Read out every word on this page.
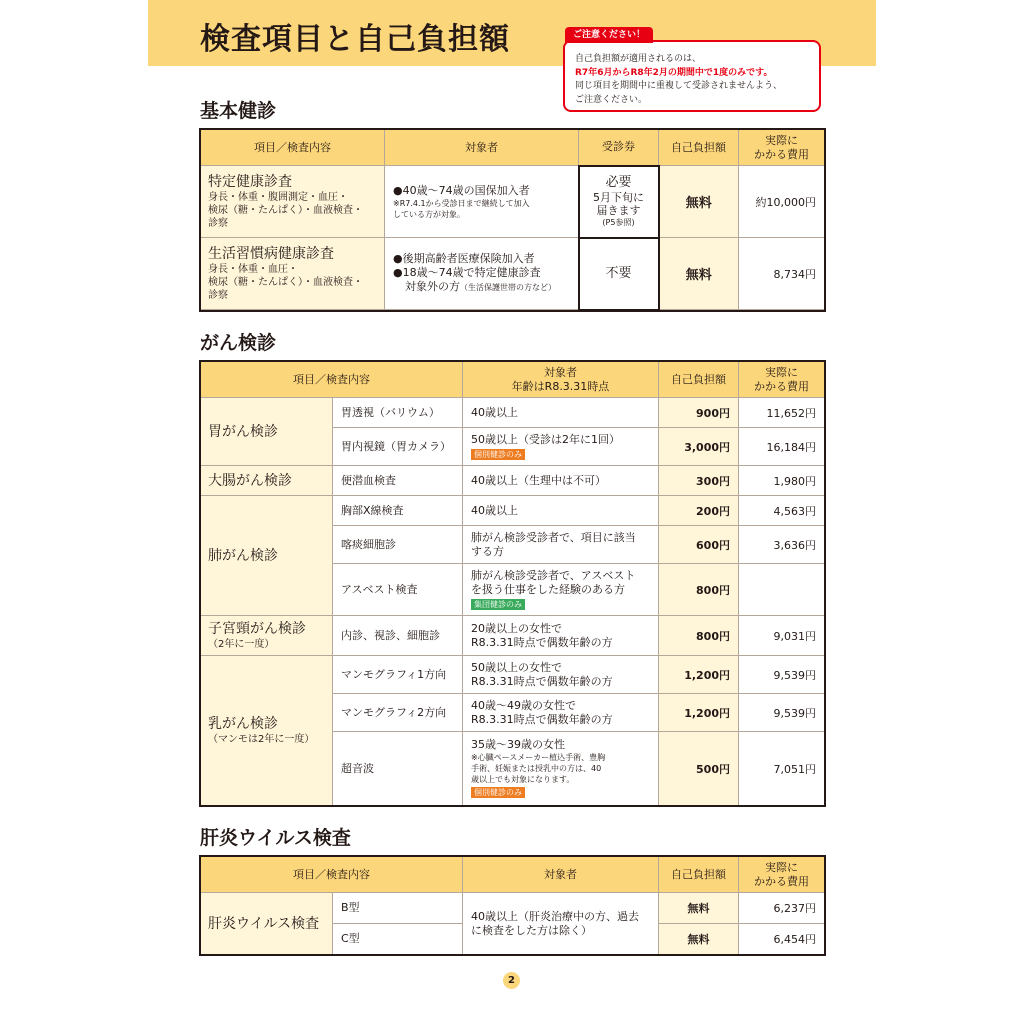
検査項目と自己負担額	ご注意ください！
自己負担額が適用されるのは、
R7年6月からR8年2月の期間中で1度のみです。
同じ項目を期間中に重複して受診されませんよう、
ご注意ください。
基本健診
項目／検査内容	対象者	受診券	自己負担額	実際に
かかる費用

特定健康診査
身長・体重・腹囲測定・血圧・
検尿（糖・たんぱく）・血液検査・
診察	●40歳～74歳の国保加入者
※R7.4.1から受診日まで継続して加入
している方が対象。	必要
5月下旬に
届きます
(P5参照)	無料	約10,000円

生活習慣病健康診査
身長・体重・血圧・
検尿（糖・たんぱく）・血液検査・
診察	●後期高齢者医療保険加入者
●18歳～74歳で特定健康診査
対象外の方（生活保護世帯の方など）	不要	無料	8,734円
がん検診
項目／検査内容		対象者
年齢はR8.3.31時点	自己負担額	実際に
かかる費用

胃がん検診	胃透視（バリウム）	40歳以上	900円	11,652円
	胃内視鏡（胃カメラ）	50歳以上（受診は2年に1回）
個別健診のみ	3,000円	16,184円

大腸がん検診	便潜血検査	40歳以上（生理中は不可）	300円	1,980円

肺がん検診	胸部X線検査	40歳以上	200円	4,563円
	喀痰細胞診	肺がん検診受診者で、項目に該当
する方	600円	3,636円
	アスベスト検査	肺がん検診受診者で、アスベスト
を扱う仕事をした経験のある方
集団健診のみ	800円	

子宮頸がん検診
（2年に一度）	内診、視診、細胞診	20歳以上の女性で
R8.3.31時点で偶数年齢の方	800円	9,031円

乳がん検診
（マンモは2年に一度）	マンモグラフィ1方向	50歳以上の女性で
R8.3.31時点で偶数年齢の方	1,200円	9,539円
	マンモグラフィ2方向	40歳～49歳の女性で
R8.3.31時点で偶数年齢の方	1,200円	9,539円
	超音波	35歳～39歳の女性
※心臓ペースメーカー植込手術、豊胸
手術、妊娠または授乳中の方は、40
歳以上でも対象になります。
個別健診のみ	500円	7,051円
肝炎ウイルス検査
項目／検査内容		対象者	自己負担額	実際に
かかる費用

肝炎ウイルス検査	B型	40歳以上（肝炎治療中の方、過去
に検査をした方は除く）	無料	6,237円
	C型		無料	6,454円
2
